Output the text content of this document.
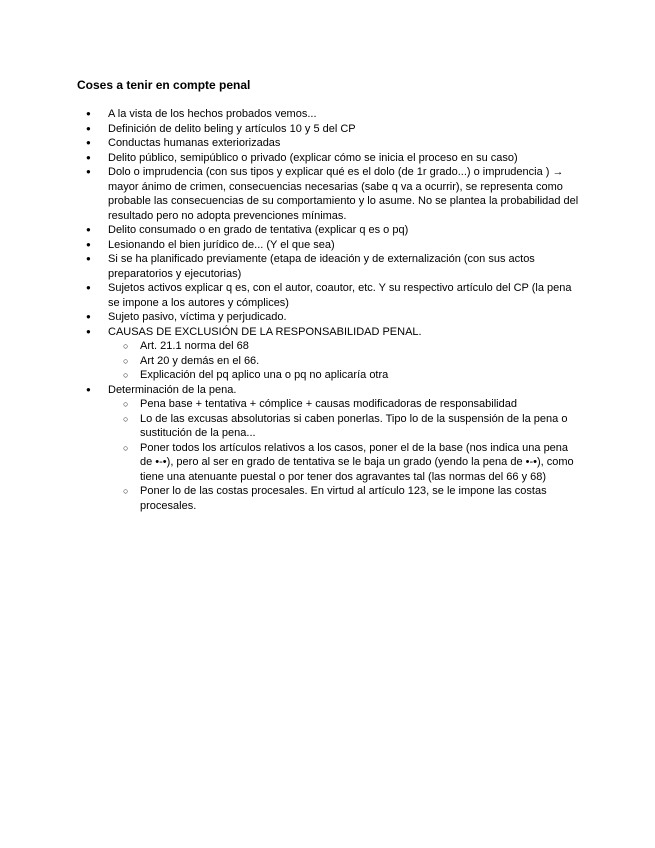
Coses a tenir en compte penal

● A la vista de los hechos probados vemos...
● Definición de delito beling y artículos 10 y 5 del CP
● Conductas humanas exteriorizadas
● Delito público, semipúblico o privado (explicar cómo se inicia el proceso en su caso)
● Dolo o imprudencia (con sus tipos y explicar qué es el dolo (de 1r grado...) o imprudencia ) → mayor ánimo de crimen, consecuencias necesarias (sabe q va a ocurrir), se representa como probable las consecuencias de su comportamiento y lo asume. No se plantea la probabilidad del resultado pero no adopta prevenciones mínimas.
● Delito consumado o en grado de tentativa (explicar q es o pq)
● Lesionando el bien jurídico de... (Y el que sea)
● Si se ha planificado previamente (etapa de ideación y de externalización (con sus actos preparatorios y ejecutorias)
● Sujetos activos explicar q es, con el autor, coautor, etc. Y su respectivo artículo del CP (la pena se impone a los autores y cómplices)
● Sujeto pasivo, víctima y perjudicado.
● CAUSAS DE EXCLUSIÓN DE LA RESPONSABILIDAD PENAL.
○ Art. 21.1 norma del 68
○ Art 20 y demás en el 66.
○ Explicación del pq aplico una o pq no aplicaría otra
● Determinación de la pena.
○ Pena base + tentativa + cómplice + causas modificadoras de responsabilidad
○ Lo de las excusas absolutorias si caben ponerlas. Tipo lo de la suspensión de la pena o sustitución de la pena...
○ Poner todos los artículos relativos a los casos, poner el de la base (nos indica una pena de •-•), pero al ser en grado de tentativa se le baja un grado (yendo la pena de •-•), como tiene una atenuante puestal o por tener dos agravantes tal (las normas del 66 y 68)
○ Poner lo de las costas procesales. En virtud al artículo 123, se le impone las costas procesales.
